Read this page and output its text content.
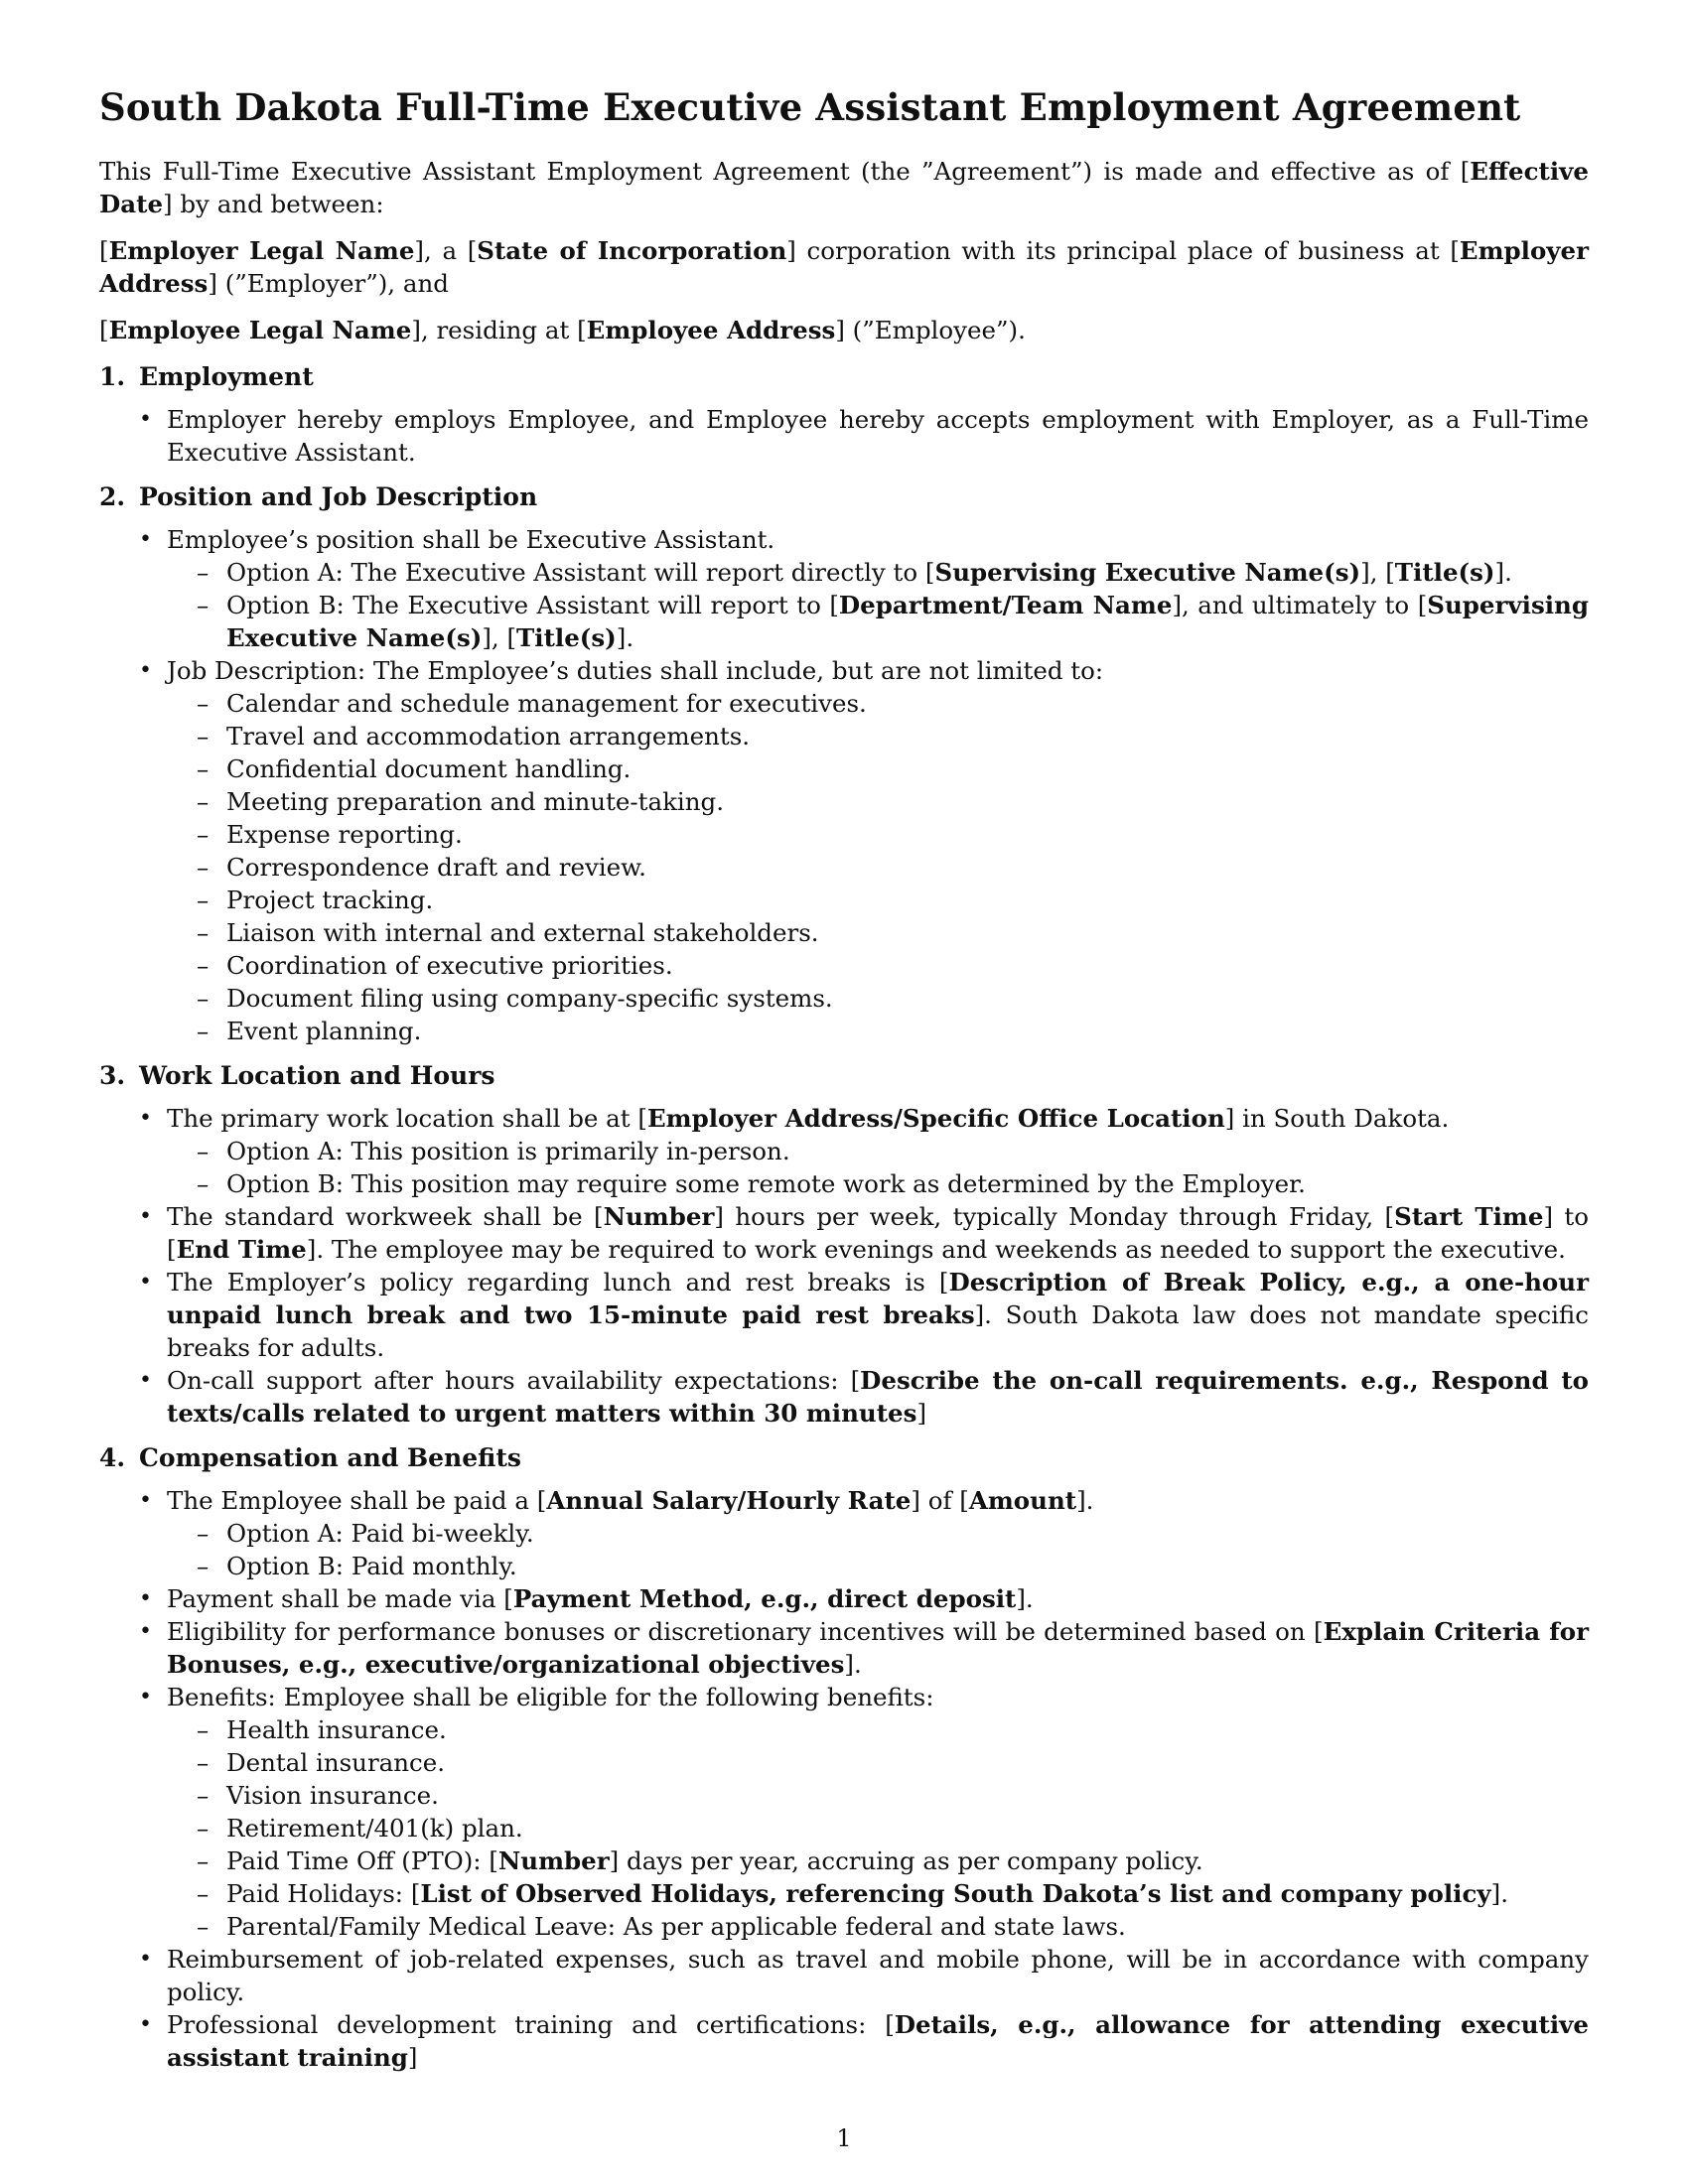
South Dakota Full-Time Executive Assistant Employment Agreement

This Full-Time Executive Assistant Employment Agreement (the ”Agreement”) is made and effective as of [Effective Date] by and between:

[Employer Legal Name], a [State of Incorporation] corporation with its principal place of business at [Employer Address] (”Employer”), and

[Employee Legal Name], residing at [Employee Address] (”Employee”).

1. Employment
• Employer hereby employs Employee, and Employee hereby accepts employment with Employer, as a Full-Time Executive Assistant.
2. Position and Job Description
• Employee’s position shall be Executive Assistant.
– Option A: The Executive Assistant will report directly to [Supervising Executive Name(s)], [Title(s)].
– Option B: The Executive Assistant will report to [Department/Team Name], and ultimately to [Supervising Executive Name(s)], [Title(s)].
• Job Description: The Employee’s duties shall include, but are not limited to:
– Calendar and schedule management for executives.
– Travel and accommodation arrangements.
– Confidential document handling.
– Meeting preparation and minute-taking.
– Expense reporting.
– Correspondence draft and review.
– Project tracking.
– Liaison with internal and external stakeholders.
– Coordination of executive priorities.
– Document filing using company-specific systems.
– Event planning.
3. Work Location and Hours
• The primary work location shall be at [Employer Address/Specific Office Location] in South Dakota.
– Option A: This position is primarily in-person.
– Option B: This position may require some remote work as determined by the Employer.
• The standard workweek shall be [Number] hours per week, typically Monday through Friday, [Start Time] to [End Time]. The employee may be required to work evenings and weekends as needed to support the executive.
• The Employer’s policy regarding lunch and rest breaks is [Description of Break Policy, e.g., a one-hour unpaid lunch break and two 15-minute paid rest breaks]. South Dakota law does not mandate specific breaks for adults.
• On-call support after hours availability expectations: [Describe the on-call requirements. e.g., Respond to texts/calls related to urgent matters within 30 minutes]
4. Compensation and Benefits
• The Employee shall be paid a [Annual Salary/Hourly Rate] of [Amount].
– Option A: Paid bi-weekly.
– Option B: Paid monthly.
• Payment shall be made via [Payment Method, e.g., direct deposit].
• Eligibility for performance bonuses or discretionary incentives will be determined based on [Explain Criteria for Bonuses, e.g., executive/organizational objectives].
• Benefits: Employee shall be eligible for the following benefits:
– Health insurance.
– Dental insurance.
– Vision insurance.
– Retirement/401(k) plan.
– Paid Time Off (PTO): [Number] days per year, accruing as per company policy.
– Paid Holidays: [List of Observed Holidays, referencing South Dakota’s list and company policy].
– Parental/Family Medical Leave: As per applicable federal and state laws.
• Reimbursement of job-related expenses, such as travel and mobile phone, will be in accordance with company policy.
• Professional development training and certifications: [Details, e.g., allowance for attending executive assistant training]
1
